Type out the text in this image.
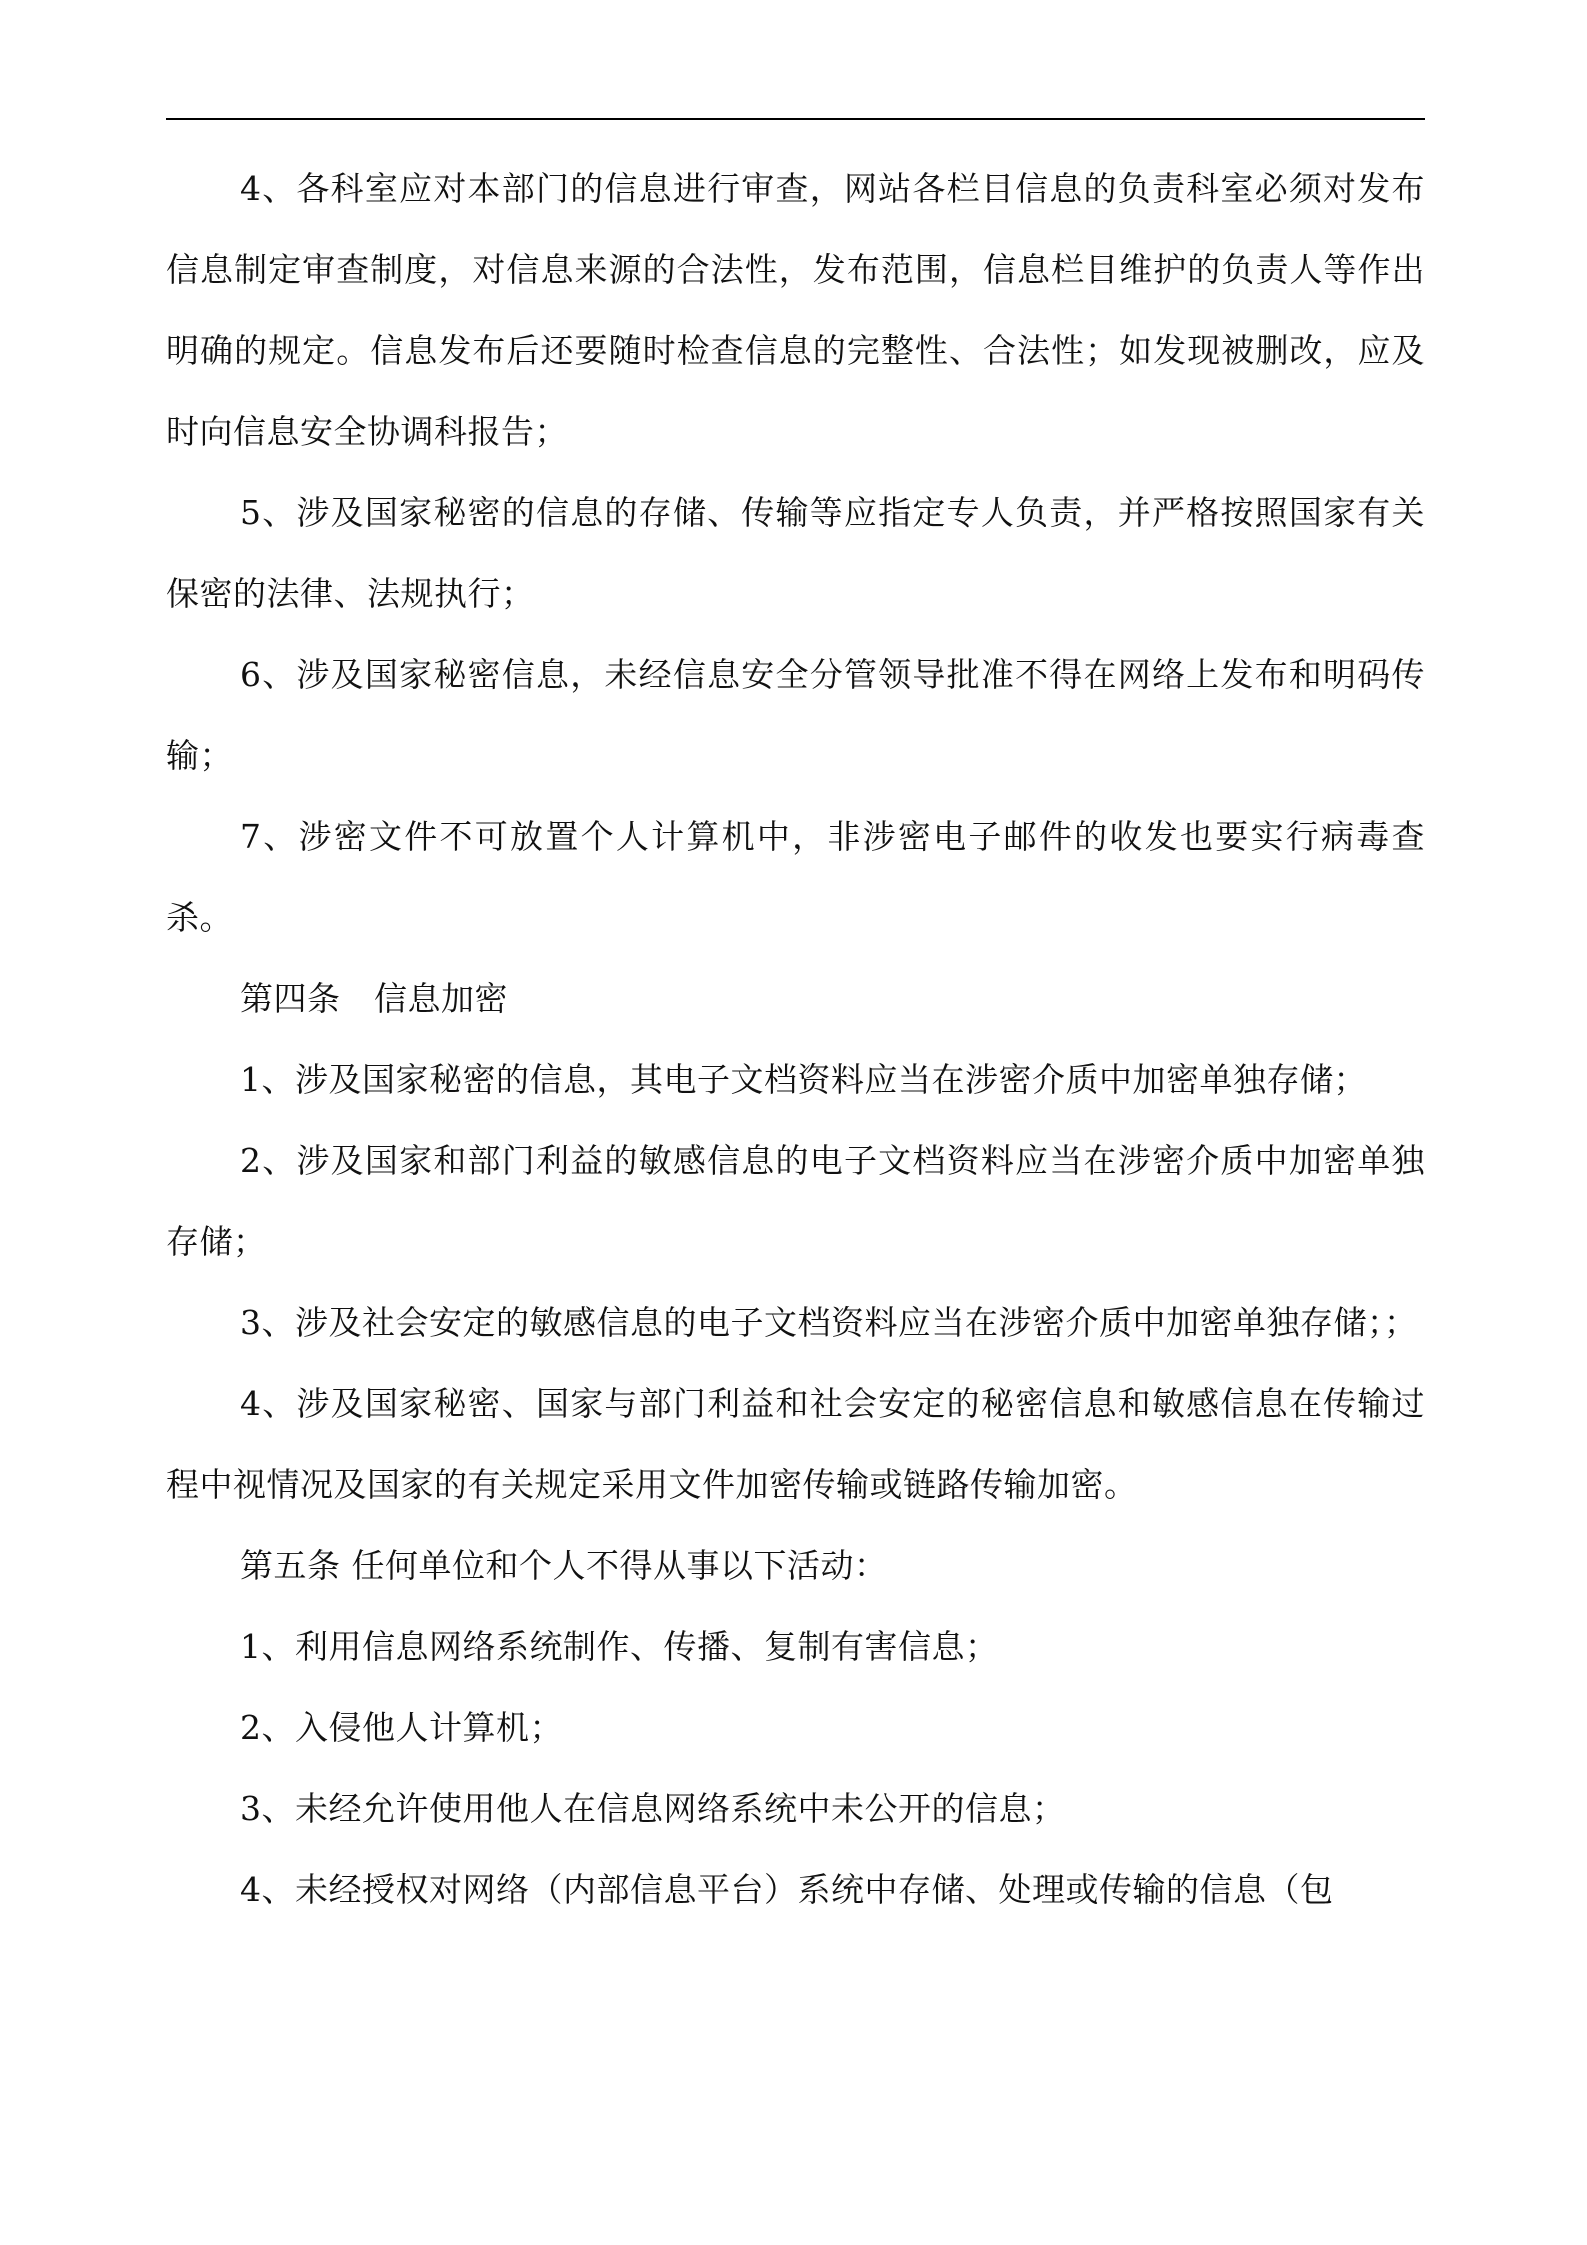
4、各科室应对本部门的信息进行审查，网站各栏目信息的负责科室必须对发布信息制定审查制度，对信息来源的合法性，发布范围，信息栏目维护的负责人等作出明确的规定。信息发布后还要随时检查信息的完整性、合法性；如发现被删改，应及时向信息安全协调科报告；

5、涉及国家秘密的信息的存储、传输等应指定专人负责，并严格按照国家有关保密的法律、法规执行；

6、涉及国家秘密信息，未经信息安全分管领导批准不得在网络上发布和明码传输；

7、涉密文件不可放置个人计算机中，非涉密电子邮件的收发也要实行病毒查杀。

第四条　信息加密

1、涉及国家秘密的信息，其电子文档资料应当在涉密介质中加密单独存储；

2、涉及国家和部门利益的敏感信息的电子文档资料应当在涉密介质中加密单独存储；

3、涉及社会安定的敏感信息的电子文档资料应当在涉密介质中加密单独存储；；

4、涉及国家秘密、国家与部门利益和社会安定的秘密信息和敏感信息在传输过程中视情况及国家的有关规定采用文件加密传输或链路传输加密。

第五条 任何单位和个人不得从事以下活动：

1、利用信息网络系统制作、传播、复制有害信息；

2、入侵他人计算机；

3、未经允许使用他人在信息网络系统中未公开的信息；

4、未经授权对网络（内部信息平台）系统中存储、处理或传输的信息（包
